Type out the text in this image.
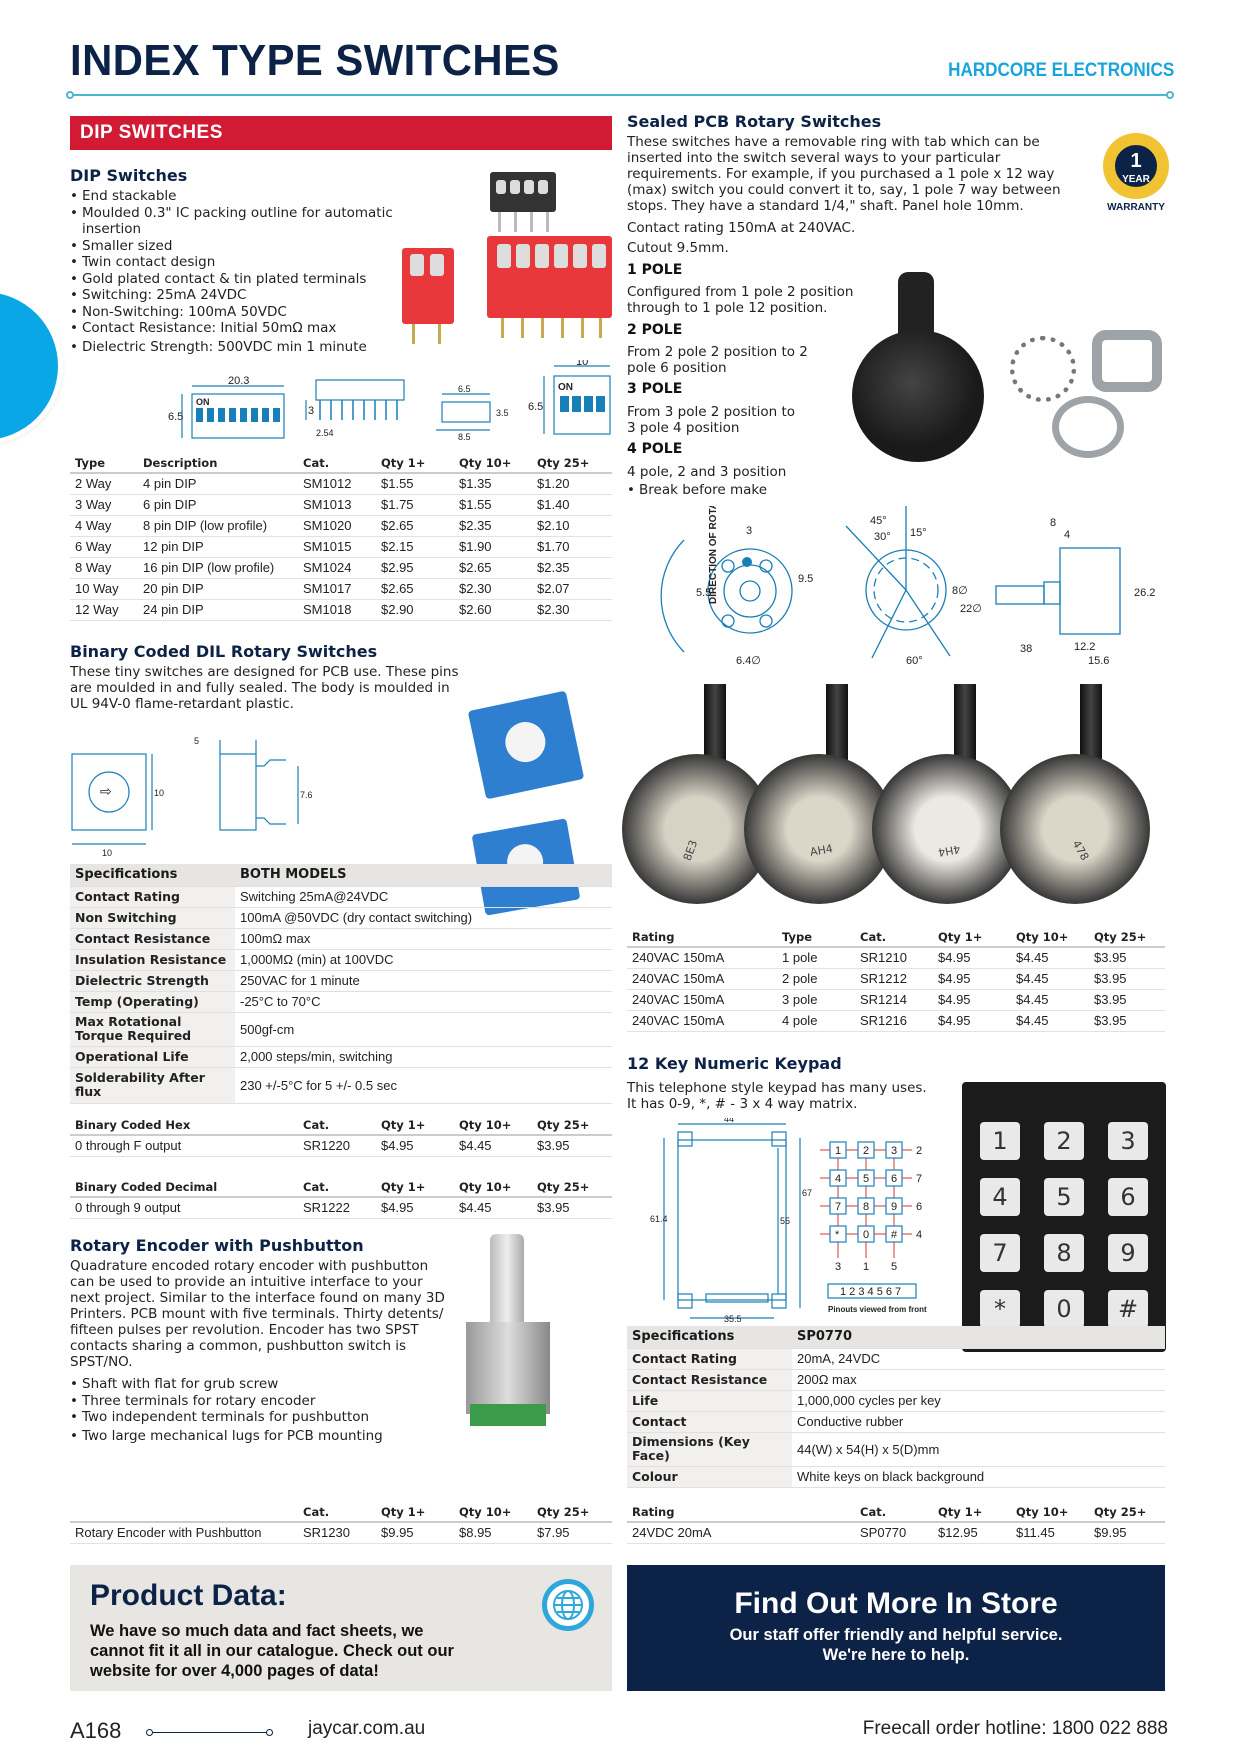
INDEX TYPE SWITCHES	HARDCORE ELECTRONICS
DIP SWITCHES
DIP Switches
• End stackable
• Moulded 0.3" IC packing outline for automatic insertion
• Smaller sized
• Twin contact design
• Gold plated contact & tin plated terminals
• Switching: 25mA 24VDC
• Non-Switching: 100mA 50VDC
• Contact Resistance: Initial 50mΩ max
• Dielectric Strength: 500VDC min 1 minute
20.3
6.5
ON
3
2.54
6.5
3.5
8.5
10
6.5
ON
Type	Description	Cat.	Qty 1+	Qty 10+	Qty 25+
2 Way	4 pin DIP	SM1012	$1.55	$1.35	$1.20
3 Way	6 pin DIP	SM1013	$1.75	$1.55	$1.40
4 Way	8 pin DIP (low profile)	SM1020	$2.65	$2.35	$2.10
6 Way	12 pin DIP	SM1015	$2.15	$1.90	$1.70
8 Way	16 pin DIP (low profile)	SM1024	$2.95	$2.65	$2.35
10 Way	20 pin DIP	SM1017	$2.65	$2.30	$2.07
12 Way	24 pin DIP	SM1018	$2.90	$2.60	$2.30
Binary Coded DIL Rotary Switches
These tiny switches are designed for PCB use. These pins are moulded in and fully sealed. The body is moulded in UL 94V-0 flame-retardant plastic.
10
10
5
7.6
⇨
Specifications	BOTH MODELS
Contact Rating	Switching 25mA@24VDC
Non Switching	100mA @50VDC (dry contact switching)
Contact Resistance	100mΩ max
Insulation Resistance	1,000MΩ (min) at 100VDC
Dielectric Strength	250VAC for 1 minute
Temp (Operating)	-25°C to 70°C
Max Rotational Torque Required	500gf-cm
Operational Life	2,000 steps/min, switching
Solderability After flux	230 +/-5°C for 5 +/- 0.5 sec
Binary Coded Hex	Cat.	Qty 1+	Qty 10+	Qty 25+
0 through F output	SR1220	$4.95	$4.45	$3.95
Binary Coded Decimal	Cat.	Qty 1+	Qty 10+	Qty 25+
0 through 9 output	SR1222	$4.95	$4.45	$3.95
Rotary Encoder with Pushbutton
Quadrature encoded rotary encoder with pushbutton can be used to provide an intuitive interface to your next project. Similar to the interface found on many 3D Printers. PCB mount with five terminals. Thirty detents/ fifteen pulses per revolution. Encoder has two SPST contacts sharing a common, pushbutton switch is SPST/NO.
• Shaft with flat for grub screw
• Three terminals for rotary encoder
• Two independent terminals for pushbutton
• Two large mechanical lugs for PCB mounting
	Cat.	Qty 1+	Qty 10+	Qty 25+
Rotary Encoder with Pushbutton	SR1230	$9.95	$8.95	$7.95
Sealed PCB Rotary Switches
These switches have a removable ring with tab which can be inserted into the switch several ways to your particular requirements. For example, if you purchased a 1 pole x 12 way (max) switch you could convert it to, say, 1 pole 7 way between stops. They have a standard 1/4," shaft. Panel hole 10mm.
Contact rating 150mA at 240VAC.
Cutout 9.5mm.
1
YEAR
WARRANTY
1 POLE
Configured from 1 pole 2 position through to 1 pole 12 position.
2 POLE
From 2 pole 2 position to 2 pole 6 position
3 POLE
From 3 pole 2 position to 3 pole 4 position
4 POLE
4 pole, 2 and 3 position
• Break before make
DIRECTION OF ROTATION 3
9.5
5.5
6.4∅
45°
30° 15°
60°
8∅
22∅
8
4
26.2
38	12.2
15.6
8E3	AH4	4H4	478
Rating	Type	Cat.	Qty 1+	Qty 10+	Qty 25+
240VAC 150mA	1 pole	SR1210	$4.95	$4.45	$3.95
240VAC 150mA	2 pole	SR1212	$4.95	$4.45	$3.95
240VAC 150mA	3 pole	SR1214	$4.95	$4.45	$3.95
240VAC 150mA	4 pole	SR1216	$4.95	$4.45	$3.95
12 Key Numeric Keypad
This telephone style keypad has many uses. It has 0-9, *, # - 3 x 4 way matrix.
1 2 3
4 5 6
7 8 9
* 0 #
2
7
6
4
3 1 5
1 2 3 4 5 6 7
Pinouts viewed from front
44
61.4	55
67
35.5
1	2	3
4	5	6
7	8	9
*	0	#
Specifications	SP0770
Contact Rating	20mA, 24VDC
Contact Resistance	200Ω max
Life	1,000,000 cycles per key
Contact	Conductive rubber
Dimensions (Key Face)	44(W) x 54(H) x 5(D)mm
Colour	White keys on black background
Rating		Cat.	Qty 1+	Qty 10+	Qty 25+
24VDC 20mA		SP0770	$12.95	$11.45	$9.95
Product Data:
We have so much data and fact sheets, we cannot fit it all in our catalogue. Check out our website for over 4,000 pages of data!
Find Out More In Store
Our staff offer friendly and helpful service.
We're here to help.
A168	jaycar.com.au	Freecall order hotline: 1800 022 888
